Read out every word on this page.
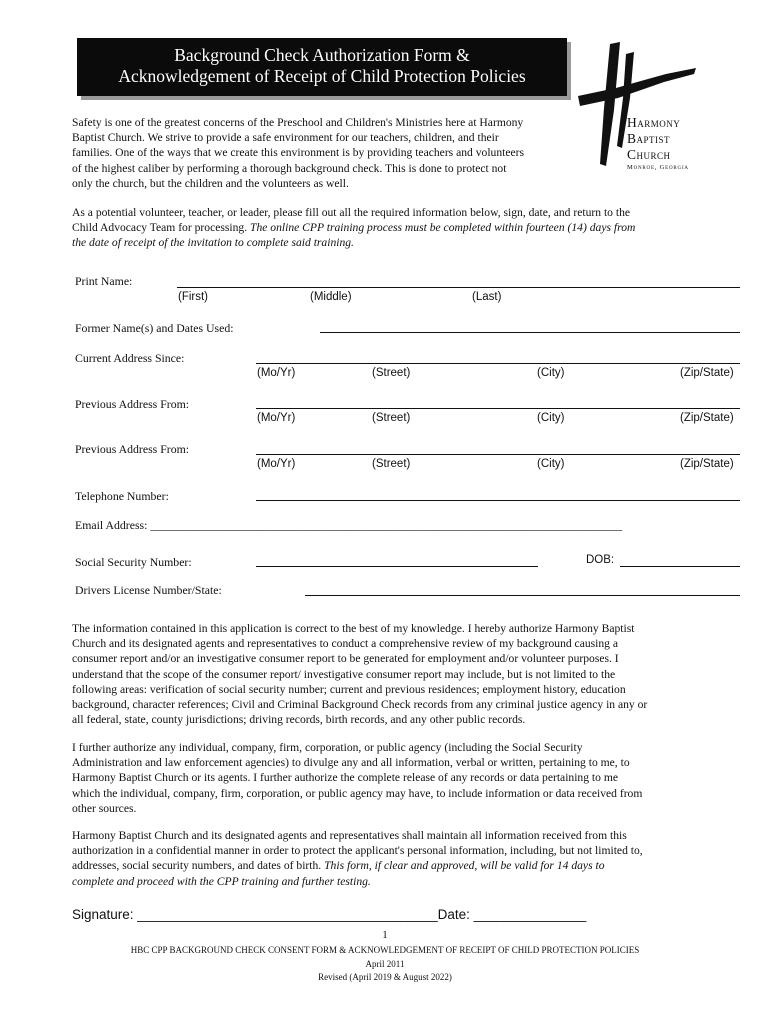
Background Check Authorization Form &
Acknowledgement of Receipt of Child Protection Policies
Harmony
Baptist
Church
Monroe, Georgia
Safety is one of the greatest concerns of the Preschool and Children's Ministries here at Harmony
Baptist Church. We strive to provide a safe environment for our teachers, children, and their
families. One of the ways that we create this environment is by providing teachers and volunteers
of the highest caliber by performing a thorough background check. This is done to protect not
only the church, but the children and the volunteers as well.
As a potential volunteer, teacher, or leader, please fill out all the required information below, sign, date, and return to the
Child Advocacy Team for processing. The online CPP training process must be completed within fourteen (14) days from
the date of receipt of the invitation to complete said training.
Print Name:
(First)	(Middle)	(Last)
Former Name(s) and Dates Used:
Current Address Since:
(Mo/Yr)	(Street)	(City)	(Zip/State)
Previous Address From:
(Mo/Yr)	(Street)	(City)	(Zip/State)
Previous Address From:
(Mo/Yr)	(Street)	(City)	(Zip/State)
Telephone Number:
Email Address: ________________________________________________________________________________
Social Security Number:	DOB:
Drivers License Number/State:
The information contained in this application is correct to the best of my knowledge. I hereby authorize Harmony Baptist
Church and its designated agents and representatives to conduct a comprehensive review of my background causing a
consumer report and/or an investigative consumer report to be generated for employment and/or volunteer purposes. I
understand that the scope of the consumer report/ investigative consumer report may include, but is not limited to the
following areas: verification of social security number; current and previous residences; employment history, education
background, character references; Civil and Criminal Background Check records from any criminal justice agency in any or
all federal, state, county jurisdictions; driving records, birth records, and any other public records.
I further authorize any individual, company, firm, corporation, or public agency (including the Social Security
Administration and law enforcement agencies) to divulge any and all information, verbal or written, pertaining to me, to
Harmony Baptist Church or its agents. I further authorize the complete release of any records or data pertaining to me
which the individual, company, firm, corporation, or public agency may have, to include information or data received from
other sources.
Harmony Baptist Church and its designated agents and representatives shall maintain all information received from this
authorization in a confidential manner in order to protect the applicant's personal information, including, but not limited to,
addresses, social security numbers, and dates of birth. This form, if clear and approved, will be valid for 14 days to
complete and proceed with the CPP training and further testing.
Signature: ________________________________________Date: _______________
1
HBC CPP BACKGROUND CHECK CONSENT FORM & ACKNOWLEDGEMENT OF RECEIPT OF CHILD PROTECTION POLICIES
April 2011
Revised (April 2019 & August 2022)
